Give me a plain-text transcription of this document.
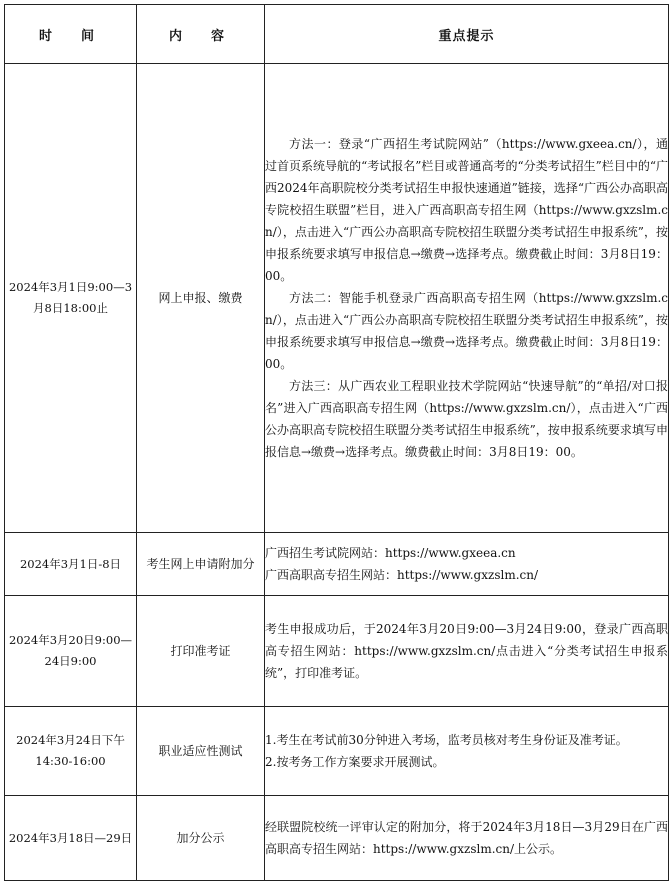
时　间	内　容	重点提示
2024年3月1日9:00—3月8日18:00止	网上申报、缴费	方法一：登录“广西招生考试院网站”（https://www.gxeea.cn/），通过首页系统导航的“考试报名”栏目或普通高考的“分类考试招生”栏目中的“广西2024年高职院校分类考试招生申报快速通道”链接，选择“广西公办高职高专院校招生联盟”栏目，进入广西高职高专招生网（https://www.gxzslm.cn/），点击进入“广西公办高职高专院校招生联盟分类考试招生申报系统”，按申报系统要求填写申报信息→缴费→选择考点。缴费截止时间：3月8日19：00。

方法二：智能手机登录广西高职高专招生网（https://www.gxzslm.cn/），点击进入“广西公办高职高专院校招生联盟分类考试招生申报系统”，按申报系统要求填写申报信息→缴费→选择考点。缴费截止时间：3月8日19：00。

方法三：从广西农业工程职业技术学院网站“快速导航”的“单招/对口报名”进入广西高职高专招生网（https://www.gxzslm.cn/），点击进入“广西公办高职高专院校招生联盟分类考试招生申报系统”，按申报系统要求填写申报信息→缴费→选择考点。缴费截止时间：3月8日19：00。

2024年3月1日-8日	考生网上申请附加分	广西招生考试院网站：https://www.gxeea.cn

广西高职高专招生网站：https://www.gxzslm.cn/

2024年3月20日9:00—24日9:00	打印准考证	考生申报成功后，于2024年3月20日9:00—3月24日9:00，登录广西高职高专招生网站：https://www.gxzslm.cn/点击进入“分类考试招生申报系统”，打印准考证。

2024年3月24日下午14:30-16:00	职业适应性测试	1.考生在考试前30分钟进入考场，监考员核对考生身份证及准考证。

2.按考务工作方案要求开展测试。

2024年3月18日—29日	加分公示	经联盟院校统一评审认定的附加分，将于2024年3月18日—3月29日在广西高职高专招生网站：https://www.gxzslm.cn/上公示。
